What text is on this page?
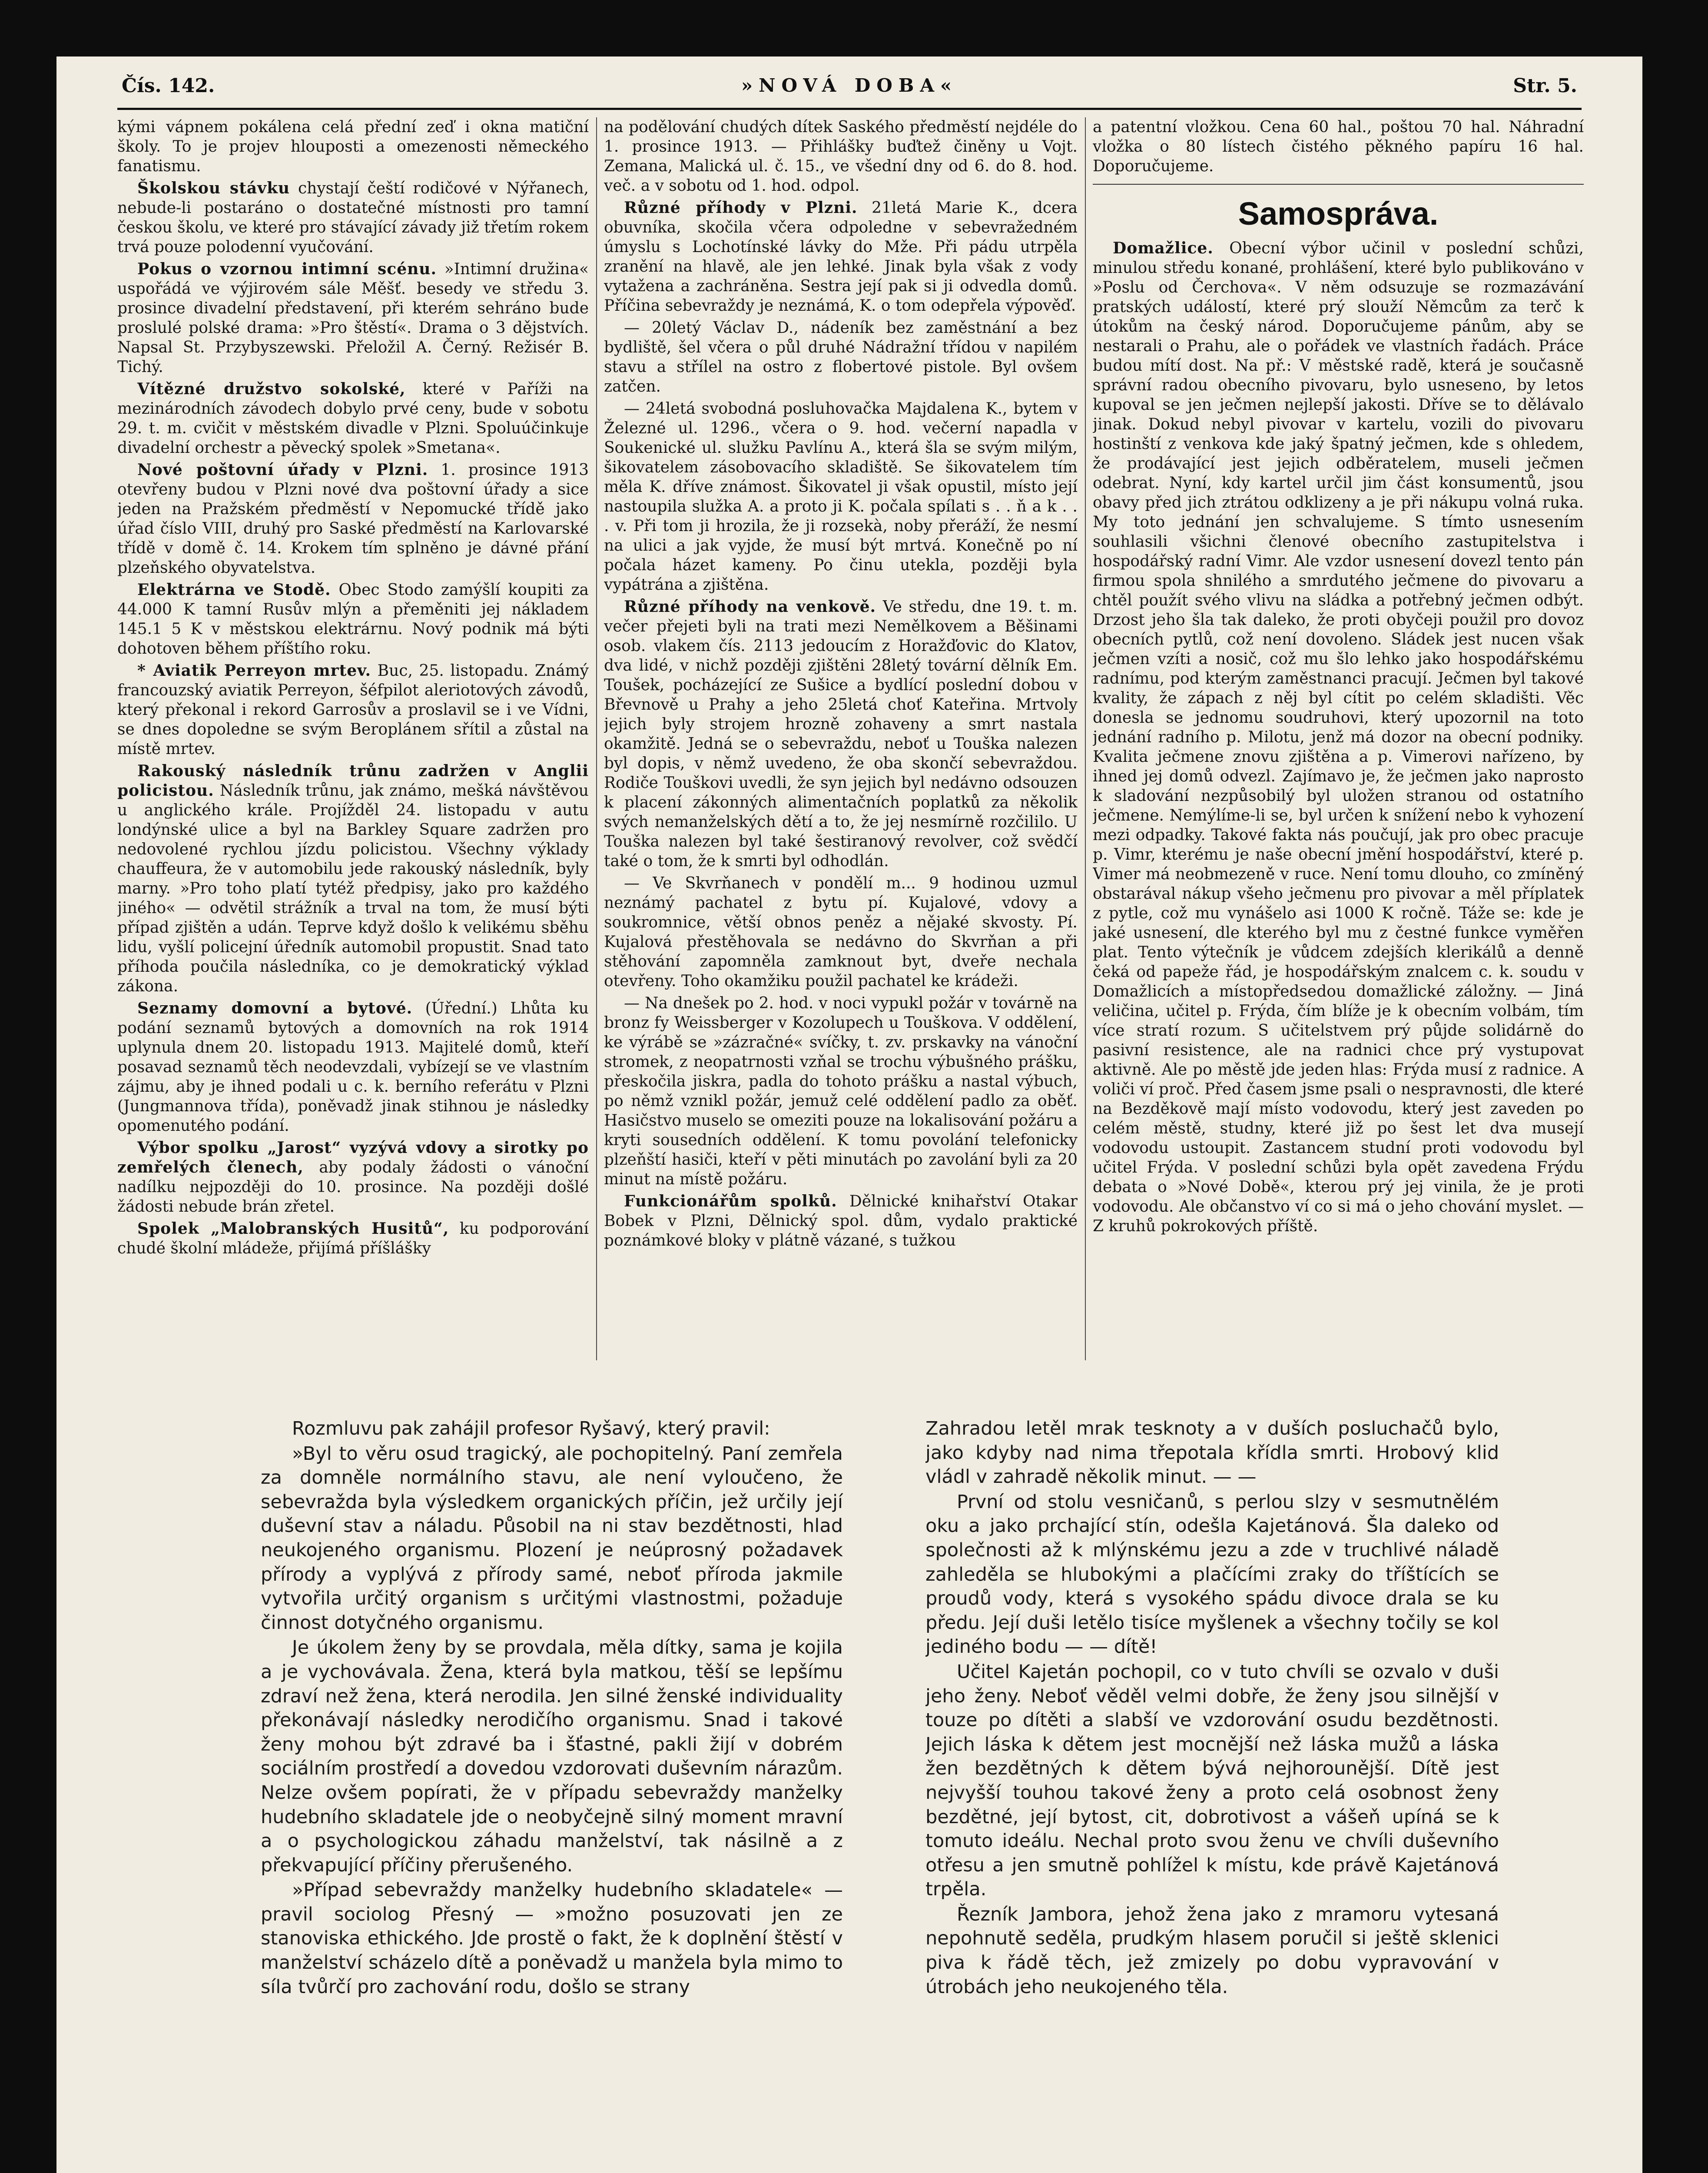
Čís. 142.	»NOVÁ DOBA«	Str. 5.

kými vápnem pokálena celá přední zeď i okna matiční školy. To je projev hlouposti a omezenosti německého fanatismu.

Školskou stávku chystají čeští rodičové v Nýřanech, nebude-li postaráno o dostatečné místnosti pro tamní českou školu, ve které pro stávající závady již třetím rokem trvá pouze polodenní vyučování.

Pokus o vzornou intimní scénu. »Intimní družina« uspořádá ve výjirovém sále Měšť. besedy ve středu 3. prosince divadelní představení, při kterém sehráno bude proslulé polské drama: »Pro štěstí«. Drama o 3 dějstvích. Napsal St. Przybyszewski. Přeložil A. Černý. Režisér B. Tichý.

Vítězné družstvo sokolské, které v Paříži na mezinárodních závodech dobylo prvé ceny, bude v sobotu 29. t. m. cvičit v městském divadle v Plzni. Spoluúčinkuje divadelní orchestr a pěvecký spolek »Smetana«.

Nové poštovní úřady v Plzni. 1. prosince 1913 otevřeny budou v Plzni nové dva poštovní úřady a sice jeden na Pražském předměstí v Nepomucké třídě jako úřad číslo VIII, druhý pro Saské předměstí na Karlovarské třídě v domě č. 14. Krokem tím splněno je dávné přání plzeňského obyvatelstva.

Elektrárna ve Stodě. Obec Stodo zamýšlí koupiti za 44.000 K tamní Rusův mlýn a přeměniti jej nákladem 145.1 5 K v městskou elektrárnu. Nový podnik má býti dohotoven během příštího roku.

* Aviatik Perreyon mrtev. Buc, 25. listopadu. Známý francouzský aviatik Perreyon, šéfpilot aleriotových závodů, který překonal i rekord Garrosův a proslavil se i ve Vídni, se dnes dopoledne se svým Beroplánem sřítil a zůstal na místě mrtev.

Rakouský následník trůnu zadržen v Anglii policistou. Následník trůnu, jak známo, mešká návštěvou u anglického krále. Projížděl 24. listopadu v autu londýnské ulice a byl na Barkley Square zadržen pro nedovolené rychlou jízdu policistou. Všechny výklady chauffeura, že v automobilu jede rakouský následník, byly marny. »Pro toho platí tytéž předpisy, jako pro každého jiného« — odvětil strážník a trval na tom, že musí býti případ zjištěn a udán. Teprve když došlo k velikému sběhu lidu, vyšlí policejní úředník automobil propustit. Snad tato příhoda poučila následníka, co je demokratický výklad zákona.

Seznamy domovní a bytové. (Úřední.) Lhůta ku podání seznamů bytových a domovních na rok 1914 uplynula dnem 20. listopadu 1913. Majitelé domů, kteří posavad seznamů těch neodevzdali, vybízejí se ve vlastním zájmu, aby je ihned podali u c. k. berního referátu v Plzni (Jungmannova třída), poněvadž jinak stihnou je následky opomenutého podání.

Výbor spolku „Jarost“ vyzývá vdovy a sirotky po zemřelých členech, aby podaly žádosti o vánoční nadílku nejpozději do 10. prosince. Na později došlé žádosti nebude brán zřetel.

Spolek „Malobranských Husitů“, ku podporování chudé školní mládeže, přijímá příšlášky

na podělování chudých dítek Saského předměstí nejdéle do 1. prosince 1913. — Přihlášky buďtež činěny u Vojt. Zemana, Malická ul. č. 15., ve všední dny od 6. do 8. hod. več. a v sobotu od 1. hod. odpol.

Různé příhody v Plzni. 21letá Marie K., dcera obuvníka, skočila včera odpoledne v sebevražedném úmyslu s Lochotínské lávky do Mže. Při pádu utrpěla zranění na hlavě, ale jen lehké. Jinak byla však z vody vytažena a zachráněna. Sestra její pak si ji odvedla domů. Příčina sebevraždy je neznámá, K. o tom odepřela výpověď.

— 20letý Václav D., nádeník bez zaměstnání a bez bydliště, šel včera o půl druhé Nádražní třídou v napilém stavu a střílel na ostro z flobertové pistole. Byl ovšem zatčen.

— 24letá svobodná posluhovačka Majdalena K., bytem v Železné ul. 1296., včera o 9. hod. večerní napadla v Soukenické ul. služku Pavlínu A., která šla se svým milým, šikovatelem zásobovacího skladiště. Se šikovatelem tím měla K. dříve známost. Šikovatel ji však opustil, místo její nastoupila služka A. a proto ji K. počala spílati s . . ň a k . . . v. Při tom ji hrozila, že ji rozsekà, noby přeráží, že nesmí na ulici a jak vyjde, že musí být mrtvá. Konečně po ní počala házet kameny. Po činu utekla, později byla vypátrána a zjištěna.

Různé příhody na venkově. Ve středu, dne 19. t. m. večer přejeti byli na trati mezi Nemělkovem a Běšinami osob. vlakem čís. 2113 jedoucím z Horažďovic do Klatov, dva lidé, v nichž později zjištěni 28letý tovární dělník Em. Toušek, pocházející ze Sušice a bydlící poslední dobou v Břevnově u Prahy a jeho 25letá choť Kateřina. Mrtvoly jejich byly strojem hrozně zohaveny a smrt nastala okamžitě. Jedná se o sebevraždu, neboť u Touška nalezen byl dopis, v němž uvedeno, že oba skončí sebevraždou. Rodiče Touškovi uvedli, že syn jejich byl nedávno odsouzen k placení zákonných alimentačních poplatků za několik svých nemanželských dětí a to, že jej nesmírně rozčililo. U Touška nalezen byl také šestiranový revolver, což svědčí také o tom, že k smrti byl odhodlán.

— Ve Skvrňanech v pondělí m... 9 hodinou uzmul neznámý pachatel z bytu pí. Kujalové, vdovy a soukromnice, větší obnos peněz a nějaké skvosty. Pí. Kujalová přestěhovala se nedávno do Skvrňan a při stěhování zapomněla zamknout byt, dveře nechala otevřeny. Toho okamžiku použil pachatel ke krádeži.

— Na dnešek po 2. hod. v noci vypukl požár v továrně na bronz fy Weissberger v Kozolupech u Touškova. V oddělení, ke výrábě se »zázračné« svíčky, t. zv. prskavky na vánoční stromek, z neopatrnosti vzňal se trochu výbušného prášku, přeskočila jiskra, padla do tohoto prášku a nastal výbuch, po němž vznikl požár, jemuž celé oddělení padlo za oběť. Hasičstvo muselo se omeziti pouze na lokalisování požáru a kryti sousedních oddělení. K tomu povolání telefonicky plzeňští hasiči, kteří v pěti minutách po zavolání byli za 20 minut na místě požáru.

Funkcionářům spolků. Dělnické knihařství Otakar Bobek v Plzni, Dělnický spol. dům, vydalo praktické poznámkové bloky v plátně vázané, s tužkou

a patentní vložkou. Cena 60 hal., poštou 70 hal. Náhradní vložka o 80 lístech čistého pěkného papíru 16 hal. Doporučujeme.

Samospráva.

Domažlice. Obecní výbor učinil v poslední schůzi, minulou středu konané, prohlášení, které bylo publikováno v »Poslu od Čerchova«. V něm odsuzuje se rozmazávání pratských událostí, které prý slouží Němcům za terč k útokům na český národ. Doporučujeme pánům, aby se nestarali o Prahu, ale o pořádek ve vlastních řadách. Práce budou mítí dost. Na př.: V městské radě, která je současně správní radou obecního pivovaru, bylo usneseno, by letos kupoval se jen ječmen nejlepší jakosti. Dříve se to dělávalo jinak. Dokud nebyl pivovar v kartelu, vozili do pivovaru hostinští z venkova kde jaký špatný ječmen, kde s ohledem, že prodávající jest jejich odběratelem, museli ječmen odebrat. Nyní, kdy kartel určil jim část konsumentů, jsou obavy před jich ztrátou odklizeny a je při nákupu volná ruka. My toto jednání jen schvalujeme. S tímto usnesením souhlasili všichni členové obecního zastupitelstva i hospodářský radní Vimr. Ale vzdor usnesení dovezl tento pán firmou spola shnilého a smrdutého ječmene do pivovaru a chtěl použít svého vlivu na sládka a potřebný ječmen odbýt. Drzost jeho šla tak daleko, že proti obyčeji použil pro dovoz obecních pytlů, což není dovoleno. Sládek jest nucen však ječmen vzíti a nosič, což mu šlo lehko jako hospodářskému radnímu, pod kterým zaměstnanci pracují. Ječmen byl takové kvality, že zápach z něj byl cítit po celém skladišti. Věc donesla se jednomu soudruhovi, který upozornil na toto jednání radního p. Milotu, jenž má dozor na obecní podniky. Kvalita ječmene znovu zjištěna a p. Vimerovi nařízeno, by ihned jej domů odvezl. Zajímavo je, že ječmen jako naprosto k sladování nezpůsobilý byl uložen stranou od ostatního ječmene. Nemýlíme-li se, byl určen k snížení nebo k vyhození mezi odpadky. Takové fakta nás poučují, jak pro obec pracuje p. Vimr, kterému je naše obecní jmění hospodářství, které p. Vimer má neobmezeně v ruce. Není tomu dlouho, co zmíněný obstarával nákup všeho ječmenu pro pivovar a měl příplatek z pytle, což mu vynášelo asi 1000 K ročně. Táže se: kde je jaké usnesení, dle kterého byl mu z čestné funkce vyměřen plat. Tento výtečník je vůdcem zdejších klerikálů a denně čeká od papeže řád, je hospodářským znalcem c. k. soudu v Domažlicích a místopředsedou domažlické záložny. — Jiná veličina, učitel p. Frýda, čím blíže je k obecním volbám, tím více stratí rozum. S učitelstvem prý půjde solidárně do pasivní resistence, ale na radnici chce prý vystupovat aktivně. Ale po městě jde jeden hlas: Frýda musí z radnice. A voliči ví proč. Před časem jsme psali o nespravnosti, dle které na Bezděkově mají místo vodovodu, který jest zaveden po celém městě, studny, které již po šest let dva musejí vodovodu ustoupit. Zastancem studní proti vodovodu byl učitel Frýda. V poslední schůzi byla opět zavedena Frýdu debata o »Nové Době«, kterou prý jej vinila, že je proti vodovodu. Ale občanstvo ví co si má o jeho chování myslet. — Z kruhů pokrokových příště.

Rozmluvu pak zahájil profesor Ryšavý, který pravil:

»Byl to věru osud tragický, ale pochopitelný. Paní zemřela za domněle normálního stavu, ale není vyloučeno, že sebevražda byla výsledkem organických příčin, jež určily její duševní stav a náladu. Působil na ni stav bezdětnosti, hlad neukojeného organismu. Plození je neúprosný požadavek přírody a vyplývá z přírody samé, neboť příroda jakmile vytvořila určitý organism s určitými vlastnostmi, požaduje činnost dotyčného organismu.

Je úkolem ženy by se provdala, měla dítky, sama je kojila a je vychovávala. Žena, která byla matkou, těší se lepšímu zdraví než žena, která nerodila. Jen silné ženské individuality překonávají následky nerodičího organismu. Snad i takové ženy mohou být zdravé ba i šťastné, pakli žijí v dobrém sociálním prostředí a dovedou vzdorovati duševním nárazům. Nelze ovšem popírati, že v případu sebevraždy manželky hudebního skladatele jde o neobyčejně silný moment mravní a o psychologickou záhadu manželství, tak násilně a z překvapující příčiny přerušeného.

»Případ sebevraždy manželky hudebního skladatele« — pravil sociolog Přesný — »možno posuzovati jen ze stanoviska ethického. Jde prostě o fakt, že k doplnění štěstí v manželství scházelo dítě a poněvadž u manžela byla mimo to síla tvůrčí pro zachování rodu, došlo se strany

Zahradou letěl mrak tesknoty a v duších posluchačů bylo, jako kdyby nad nima třepotala křídla smrti. Hrobový klid vládl v zahradě několik minut. — —

První od stolu vesničanů, s perlou slzy v sesmutnělém oku a jako prchající stín, odešla Kajetánová. Šla daleko od společnosti až k mlýnskému jezu a zde v truchlivé náladě zahleděla se hlubokými a plačícími zraky do tříštících se proudů vody, která s vysokého spádu divoce drala se ku předu. Její duši letělo tisíce myšlenek a všechny točily se kol jediného bodu — — dítě!

Učitel Kajetán pochopil, co v tuto chvíli se ozvalo v duši jeho ženy. Neboť věděl velmi dobře, že ženy jsou silnější v touze po dítěti a slabší ve vzdorování osudu bezdětnosti. Jejich láska k dětem jest mocnější než láska mužů a láska žen bezdětných k dětem bývá nejhorounější. Dítě jest nejvyšší touhou takové ženy a proto celá osobnost ženy bezdětné, její bytost, cit, dobrotivost a vášeň upíná se k tomuto ideálu. Nechal proto svou ženu ve chvíli duševního otřesu a jen smutně pohlížel k místu, kde právě Kajetánová trpěla.

Řezník Jambora, jehož žena jako z mramoru vytesaná nepohnutě seděla, prudkým hlasem poručil si ještě sklenici piva k řádě těch, jež zmizely po dobu vypravování v útrobách jeho neukojeného těla.
